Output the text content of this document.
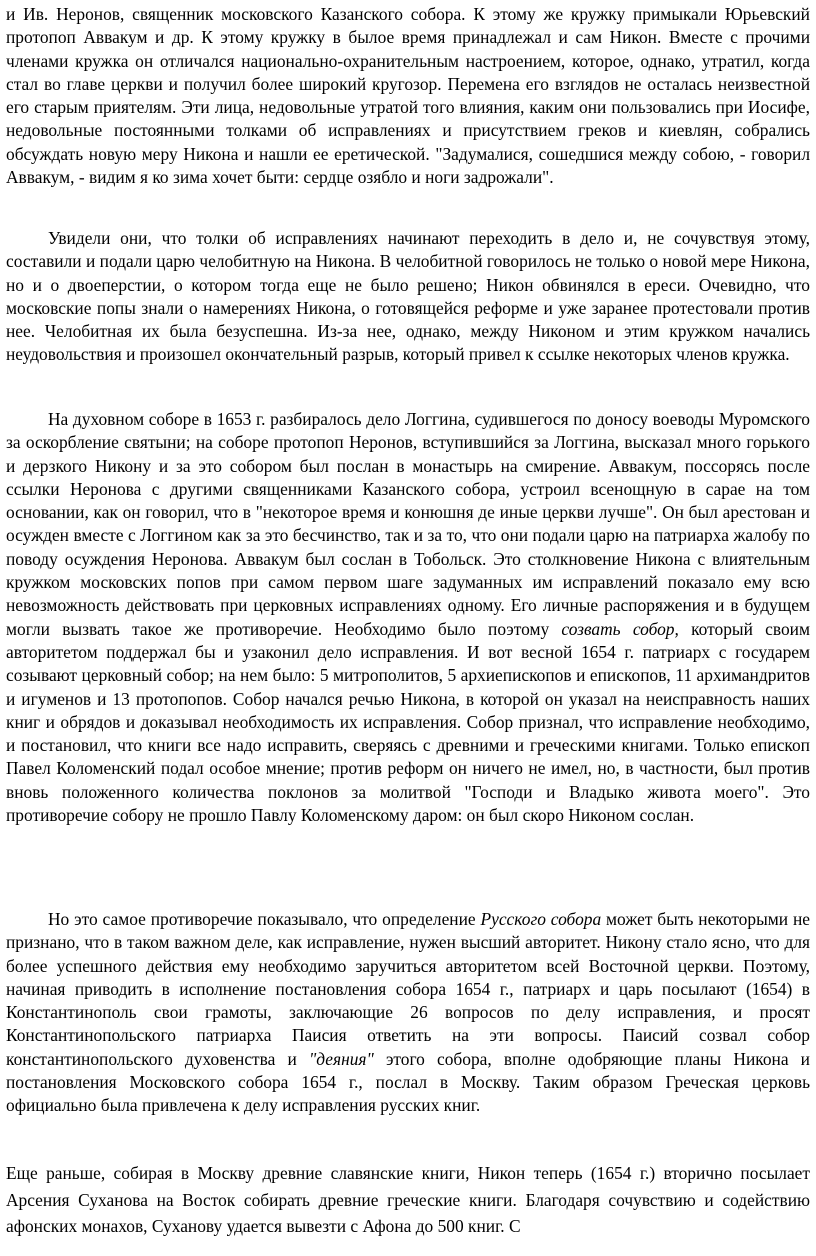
и Ив. Неронов, священник московского Казанского собора. К этому же кружку примыкали Юрьевский протопоп Аввакум и др. К этому кружку в былое время принадлежал и сам Никон. Вместе с прочими членами кружка он отличался национально-охранительным настроением, которое, однако, утратил, когда стал во главе церкви и получил более широкий кругозор. Перемена его взглядов не осталась неизвестной его старым приятелям. Эти лица, недовольные утратой того влияния, каким они пользовались при Иосифе, недовольные постоянными толками об исправлениях и присутствием греков и киевлян, собрались обсуждать новую меру Никона и нашли ее еретической. "Задумалися, сошедшися между собою, - говорил Аввакум, - видим я ко зима хочет быти: сердце озябло и ноги задрожали".

Увидели они, что толки об исправлениях начинают переходить в дело и, не сочувствуя этому, составили и подали царю челобитную на Никона. В челобитной говорилось не только о новой мере Никона, но и о двоеперстии, о котором тогда еще не было решено; Никон обвинялся в ереси. Очевидно, что московские попы знали о намерениях Никона, о готовящейся реформе и уже заранее протестовали против нее. Челобитная их была безуспешна. Из-за нее, однако, между Никоном и этим кружком начались неудовольствия и произошел окончательный разрыв, который привел к ссылке некоторых членов кружка.

На духовном соборе в 1653 г. разбиралось дело Логгина, судившегося по доносу воеводы Муромского за оскорбление святыни; на соборе протопоп Неронов, вступившийся за Логгина, высказал много горького и дерзкого Никону и за это собором был послан в монастырь на смирение. Аввакум, поссорясь после ссылки Неронова с другими священниками Казанского собора, устроил всенощную в сарае на том основании, как он говорил, что в "некоторое время и конюшня де иные церкви лучше". Он был арестован и осужден вместе с Логгином как за это бесчинство, так и за то, что они подали царю на патриарха жалобу по поводу осуждения Неронова. Аввакум был сослан в Тобольск. Это столкновение Никона с влиятельным кружком московских попов при самом первом шаге задуманных им исправлений показало ему всю невозможность действовать при церковных исправлениях одному. Его личные распоряжения и в будущем могли вызвать такое же противоречие. Необходимо было поэтому созвать собор, который своим авторитетом поддержал бы и узаконил дело исправления. И вот весной 1654 г. патриарх с государем созывают церковный собор; на нем было: 5 митрополитов, 5 архиепископов и епископов, 11 архимандритов и игуменов и 13 протопопов. Собор начался речью Никона, в которой он указал на неисправность наших книг и обрядов и доказывал необходимость их исправления. Собор признал, что исправление необходимо, и постановил, что книги все надо исправить, сверяясь с древними и греческими книгами. Только епископ Павел Коломенский подал особое мнение; против реформ он ничего не имел, но, в частности, был против вновь положенного количества поклонов за молитвой "Господи и Владыко живота моего". Это противоречие собору не прошло Павлу Коломенскому даром: он был скоро Никоном сослан.

Но это самое противоречие показывало, что определение Русского собора может быть некоторыми не признано, что в таком важном деле, как исправление, нужен высший авторитет. Никону стало ясно, что для более успешного действия ему необходимо заручиться авторитетом всей Восточной церкви. Поэтому, начиная приводить в исполнение постановления собора 1654 г., патриарх и царь посылают (1654) в Константинополь свои грамоты, заключающие 26 вопросов по делу исправления, и просят Константинопольского патриарха Паисия ответить на эти вопросы. Паисий созвал собор константинопольского духовенства и "деяния" этого собора, вполне одобряющие планы Никона и постановления Московского собора 1654 г., послал в Москву. Таким образом Греческая церковь официально была привлечена к делу исправления русских книг.

Еще раньше, собирая в Москву древние славянские книги, Никон теперь (1654 г.) вторично посылает Арсения Суханова на Восток собирать древние греческие книги. Благодаря сочувствию и содействию афонских монахов, Суханову удается вывезти с Афона до 500 книг. С
